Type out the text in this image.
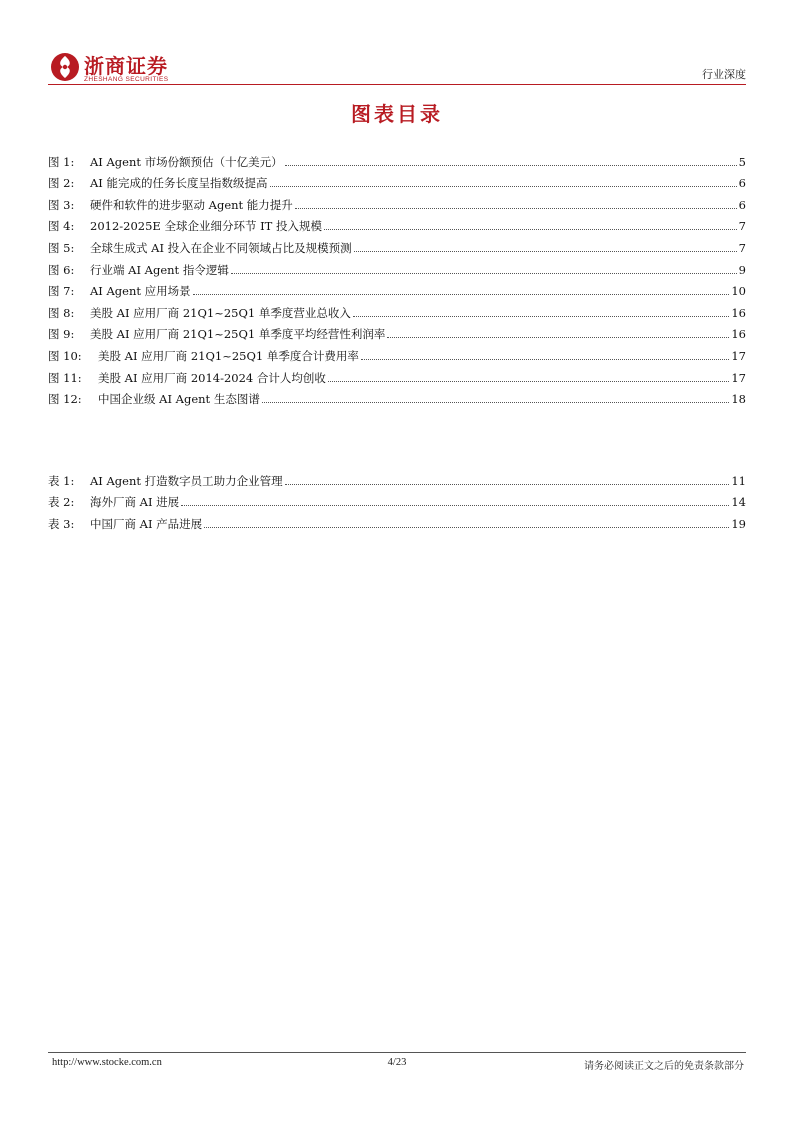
浙商证券
ZHESHANG SECURITIES	行业深度
图表目录
图 1:	AI Agent 市场份额预估（十亿美元）	5
图 2:	AI 能完成的任务长度呈指数级提高	6
图 3:	硬件和软件的进步驱动 Agent 能力提升	6
图 4:	2012-2025E 全球企业细分环节 IT 投入规模	7
图 5:	全球生成式 AI 投入在企业不同领域占比及规模预测	7
图 6:	行业端 AI Agent 指令逻辑	9
图 7:	AI Agent 应用场景	10
图 8:	美股 AI 应用厂商 21Q1~25Q1 单季度营业总收入	16
图 9:	美股 AI 应用厂商 21Q1~25Q1 单季度平均经营性利润率	16
图 10:	美股 AI 应用厂商 21Q1~25Q1 单季度合计费用率	17
图 11:	美股 AI 应用厂商 2014-2024 合计人均创收	17
图 12:	中国企业级 AI Agent 生态图谱	18
表 1:	AI Agent 打造数字员工助力企业管理	11
表 2:	海外厂商 AI 进展	14
表 3:	中国厂商 AI 产品进展	19
http://www.stocke.com.cn	4/23	请务必阅读正文之后的免责条款部分
